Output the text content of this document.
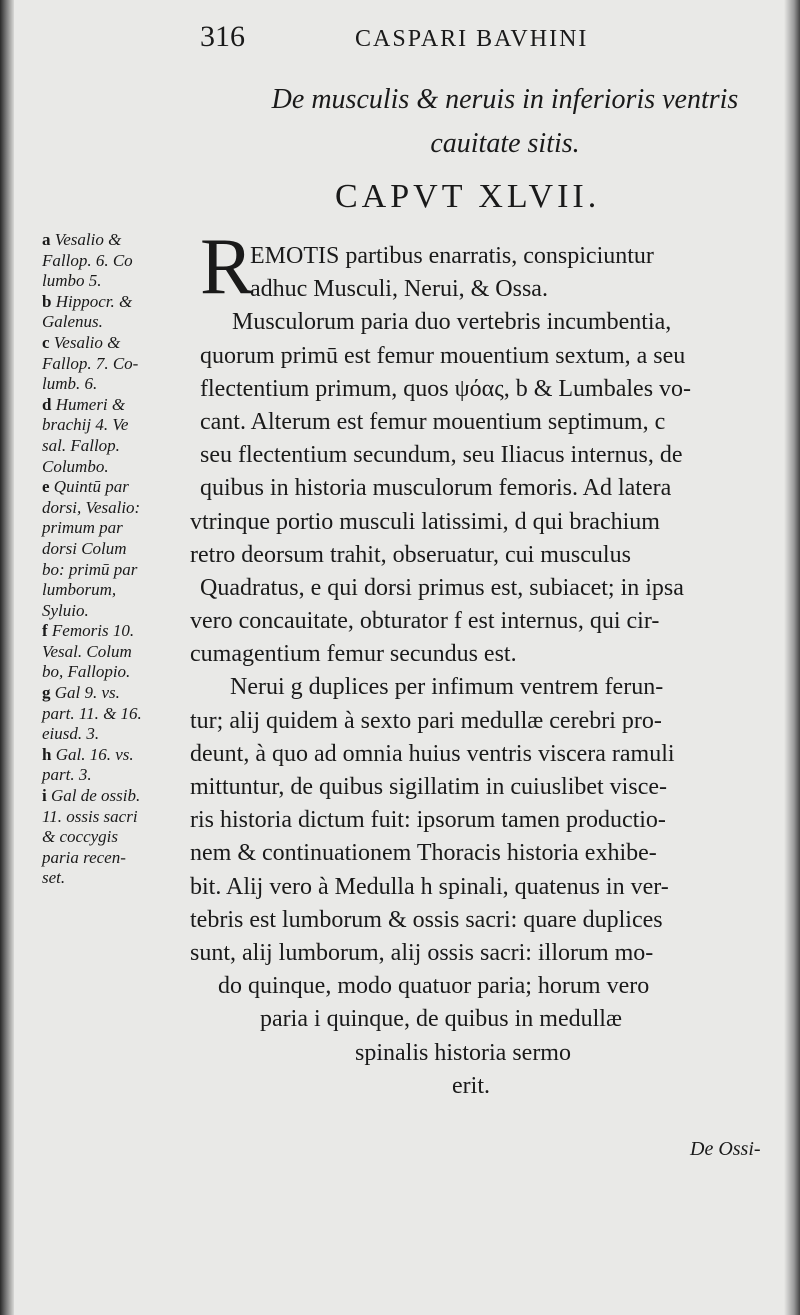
316	CASPARI BAVHINI
De musculis & neruis in inferioris ventris
cauitate sitis.
CAPVT XLVII.
a Vesalio &
Fallop. 6. Co
lumbo 5.
b Hippocr. &
Galenus.
c Vesalio &
Fallop. 7. Co-
lumb. 6.
d Humeri &
brachij 4. Ve
sal. Fallop.
Columbo.
e Quintū par
dorsi, Vesalio:
primum par
dorsi Colum
bo: primū par
lumborum,
Syluio.
f Femoris 10.
Vesal. Colum
bo, Fallopio.
g Gal 9. vs.
part. 11. & 16.
eiusd. 3.
h Gal. 16. vs.
part. 3.
i Gal de ossib.
11. ossis sacri
& coccygis
paria recen-
set.
R
EMOTIS partibus enarratis, conspiciuntur
adhuc Musculi, Nerui, & Ossa.
Musculorum paria duo vertebris incumbentia,
quorum primū est femur mouentium sextum, a seu
flectentium primum, quos ψόας, b & Lumbales vo-
cant. Alterum est femur mouentium septimum, c
seu flectentium secundum, seu Iliacus internus, de
quibus in historia musculorum femoris. Ad latera
vtrinque portio musculi latissimi, d qui brachium
retro deorsum trahit, obseruatur, cui musculus
Quadratus, e qui dorsi primus est, subiacet; in ipsa
vero concauitate, obturator f est internus, qui cir-
cumagentium femur secundus est.
Nerui g duplices per infimum ventrem ferun-
tur; alij quidem à sexto pari medullæ cerebri pro-
deunt, à quo ad omnia huius ventris viscera ramuli
mittuntur, de quibus sigillatim in cuiuslibet visce-
ris historia dictum fuit: ipsorum tamen productio-
nem & continuationem Thoracis historia exhibe-
bit. Alij vero à Medulla h spinali, quatenus in ver-
tebris est lumborum & ossis sacri: quare duplices
sunt, alij lumborum, alij ossis sacri: illorum mo-
do quinque, modo quatuor paria; horum vero
paria i quinque, de quibus in medullæ
spinalis historia sermo
erit.
De Ossi-
